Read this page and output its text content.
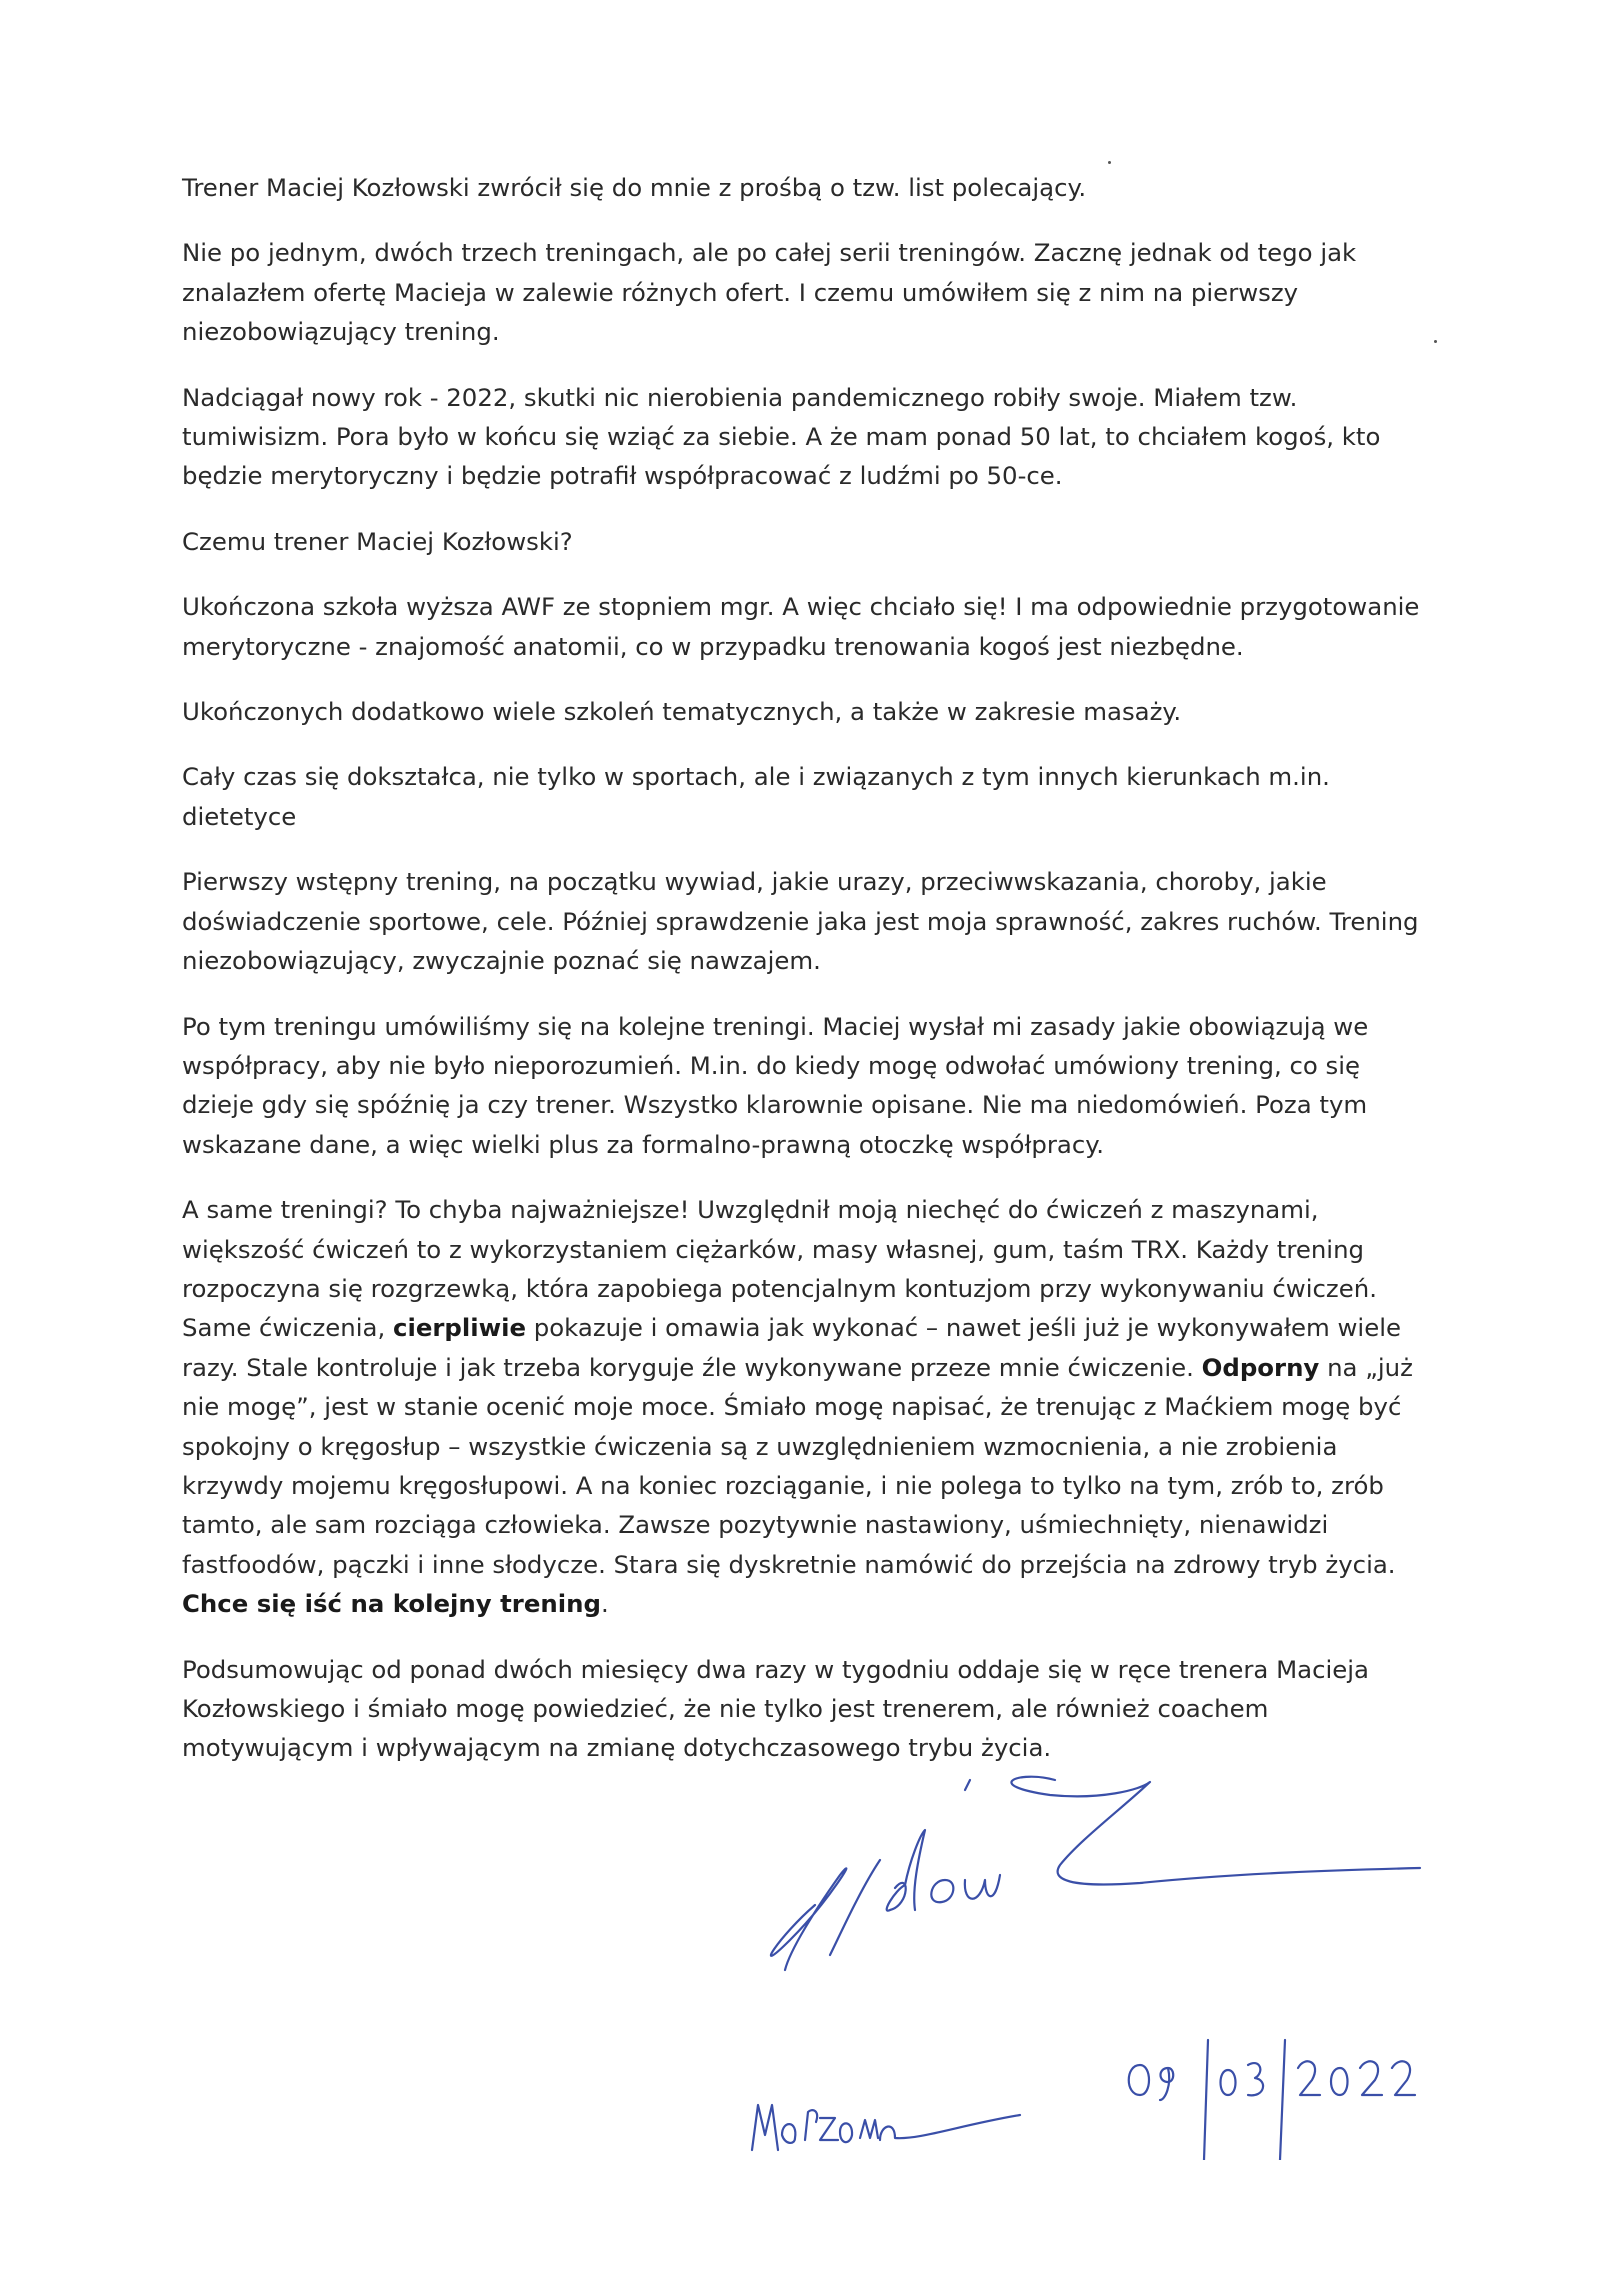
Trener Maciej Kozłowski zwrócił się do mnie z prośbą o tzw. list polecający.

Nie po jednym, dwóch trzech treningach, ale po całej serii treningów. Zacznę jednak od tego jak znalazłem ofertę Macieja w zalewie różnych ofert. I czemu umówiłem się z nim na pierwszy niezobowiązujący trening.

Nadciągał nowy rok - 2022, skutki nic nierobienia pandemicznego robiły swoje. Miałem tzw. tumiwisizm. Pora było w końcu się wziąć za siebie. A że mam ponad 50 lat, to chciałem kogoś, kto będzie merytoryczny i będzie potrafił współpracować z ludźmi po 50-ce.

Czemu trener Maciej Kozłowski?

Ukończona szkoła wyższa AWF ze stopniem mgr. A więc chciało się! I ma odpowiednie przygotowanie merytoryczne - znajomość anatomii, co w przypadku trenowania kogoś jest niezbędne.

Ukończonych dodatkowo wiele szkoleń tematycznych, a także w zakresie masaży.

Cały czas się dokształca, nie tylko w sportach, ale i związanych z tym innych kierunkach m.in. dietetyce

Pierwszy wstępny trening, na początku wywiad, jakie urazy, przeciwwskazania, choroby, jakie doświadczenie sportowe, cele. Później sprawdzenie jaka jest moja sprawność, zakres ruchów. Trening niezobowiązujący, zwyczajnie poznać się nawzajem.

Po tym treningu umówiliśmy się na kolejne treningi. Maciej wysłał mi zasady jakie obowiązują we współpracy, aby nie było nieporozumień. M.in. do kiedy mogę odwołać umówiony trening, co się dzieje gdy się spóźnię ja czy trener. Wszystko klarownie opisane. Nie ma niedomówień. Poza tym wskazane dane, a więc wielki plus za formalno-prawną otoczkę współpracy.

A same treningi? To chyba najważniejsze! Uwzględnił moją niechęć do ćwiczeń z maszynami, większość ćwiczeń to z wykorzystaniem ciężarków, masy własnej, gum, taśm TRX. Każdy trening rozpoczyna się rozgrzewką, która zapobiega potencjalnym kontuzjom przy wykonywaniu ćwiczeń. Same ćwiczenia, cierpliwie pokazuje i omawia jak wykonać – nawet jeśli już je wykonywałem wiele razy. Stale kontroluje i jak trzeba koryguje źle wykonywane przeze mnie ćwiczenie. Odporny na „już nie mogę”, jest w stanie ocenić moje moce. Śmiało mogę napisać, że trenując z Maćkiem mogę być spokojny o kręgosłup – wszystkie ćwiczenia są z uwzględnieniem wzmocnienia, a nie zrobienia krzywdy mojemu kręgosłupowi. A na koniec rozciąganie, i nie polega to tylko na tym, zrób to, zrób tamto, ale sam rozciąga człowieka. Zawsze pozytywnie nastawiony, uśmiechnięty, nienawidzi fastfoodów, pączki i inne słodycze. Stara się dyskretnie namówić do przejścia na zdrowy tryb życia. Chce się iść na kolejny trening.

Podsumowując od ponad dwóch miesięcy dwa razy w tygodniu oddaje się w ręce trenera Macieja Kozłowskiego i śmiało mogę powiedzieć, że nie tylko jest trenerem, ale również coachem motywującym i wpływającym na zmianę dotychczasowego trybu życia.
